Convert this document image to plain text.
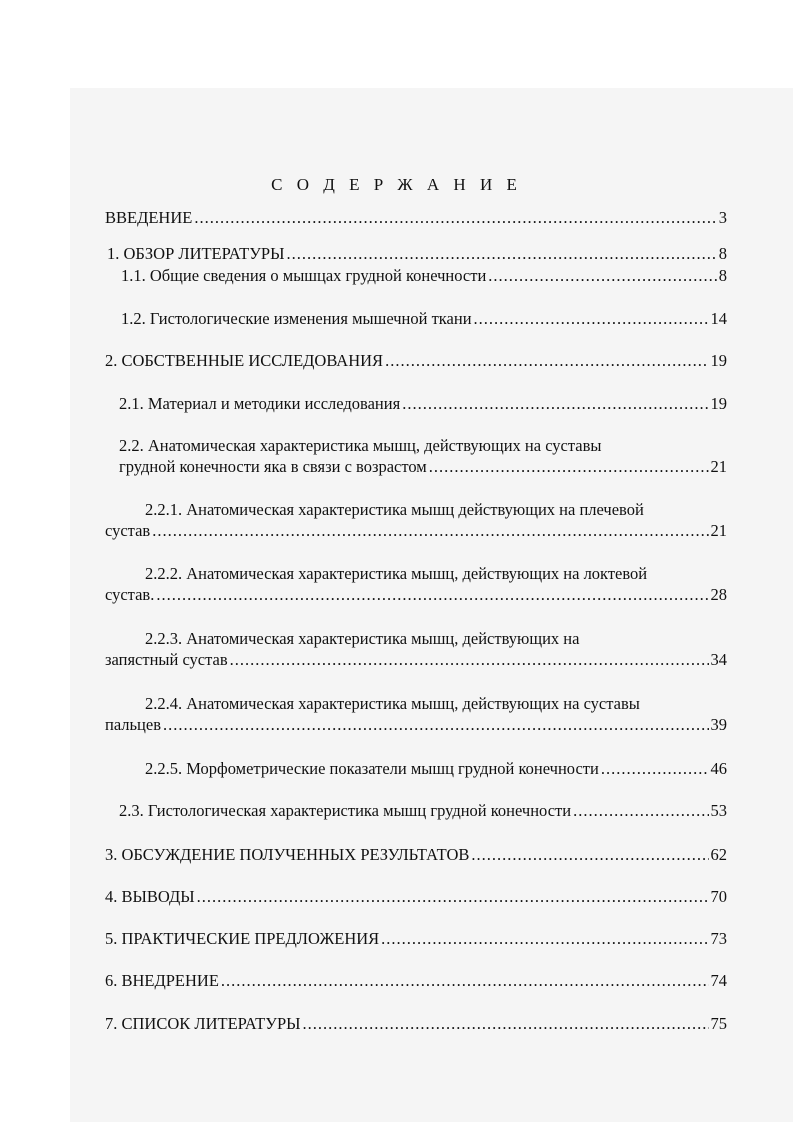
С О Д Е Р Ж А Н И Е
ВВЕДЕНИЕ .....	3
1. ОБЗОР ЛИТЕРАТУРЫ .....	8
1.1. Общие сведения о мышцах грудной конечности .....	8
1.2. Гистологические изменения мышечной ткани .....	14
2. СОБСТВЕННЫЕ ИССЛЕДОВАНИЯ .....	19
2.1. Материал и методики исследования .....	19
2.2. Анатомическая характеристика мышц, действующих на суставы
грудной конечности яка в связи с возрастом .....	21
2.2.1. Анатомическая характеристика мышц действующих на плечевой
сустав .....	21
2.2.2. Анатомическая характеристика мышц, действующих на локтевой
сустав. .....	28
2.2.3. Анатомическая характеристика мышц, действующих на
запястный сустав .....	34
2.2.4. Анатомическая характеристика мышц, действующих на суставы
пальцев .....	39
2.2.5. Морфометрические показатели мышц грудной конечности .....	46
2.3. Гистологическая характеристика мышц грудной конечности .....	53
3. ОБСУЖДЕНИЕ ПОЛУЧЕННЫХ РЕЗУЛЬТАТОВ .....	62
4. ВЫВОДЫ .....	70
5. ПРАКТИЧЕСКИЕ ПРЕДЛОЖЕНИЯ .....	73
6. ВНЕДРЕНИЕ .....	74
7. СПИСОК ЛИТЕРАТУРЫ .....	75
